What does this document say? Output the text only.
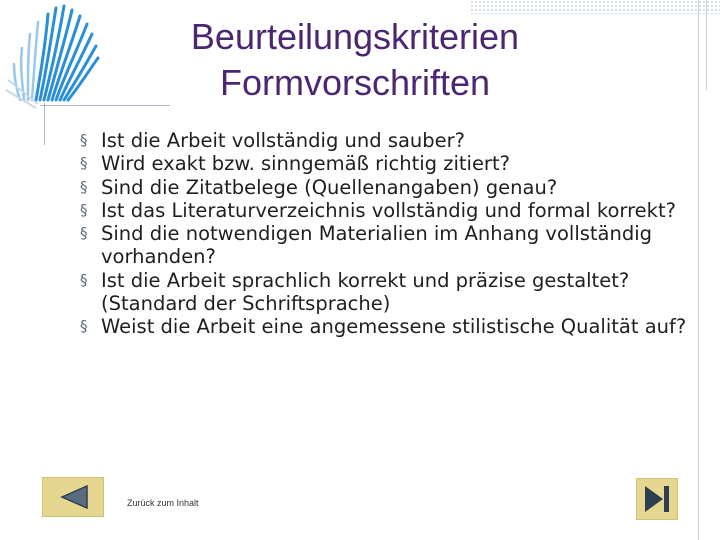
Beurteilungskriterien
Formvorschriften
§ Ist die Arbeit vollständig und sauber?
§ Wird exakt bzw. sinngemäß richtig zitiert?
§ Sind die Zitatbelege (Quellenangaben) genau?
§ Ist das Literaturverzeichnis vollständig und formal korrekt?
§ Sind die notwendigen Materialien im Anhang vollständig vorhanden?
§ Ist die Arbeit sprachlich korrekt und präzise gestaltet? (Standard der Schriftsprache)
§ Weist die Arbeit eine angemessene stilistische Qualität auf?
Zurück zum Inhalt
